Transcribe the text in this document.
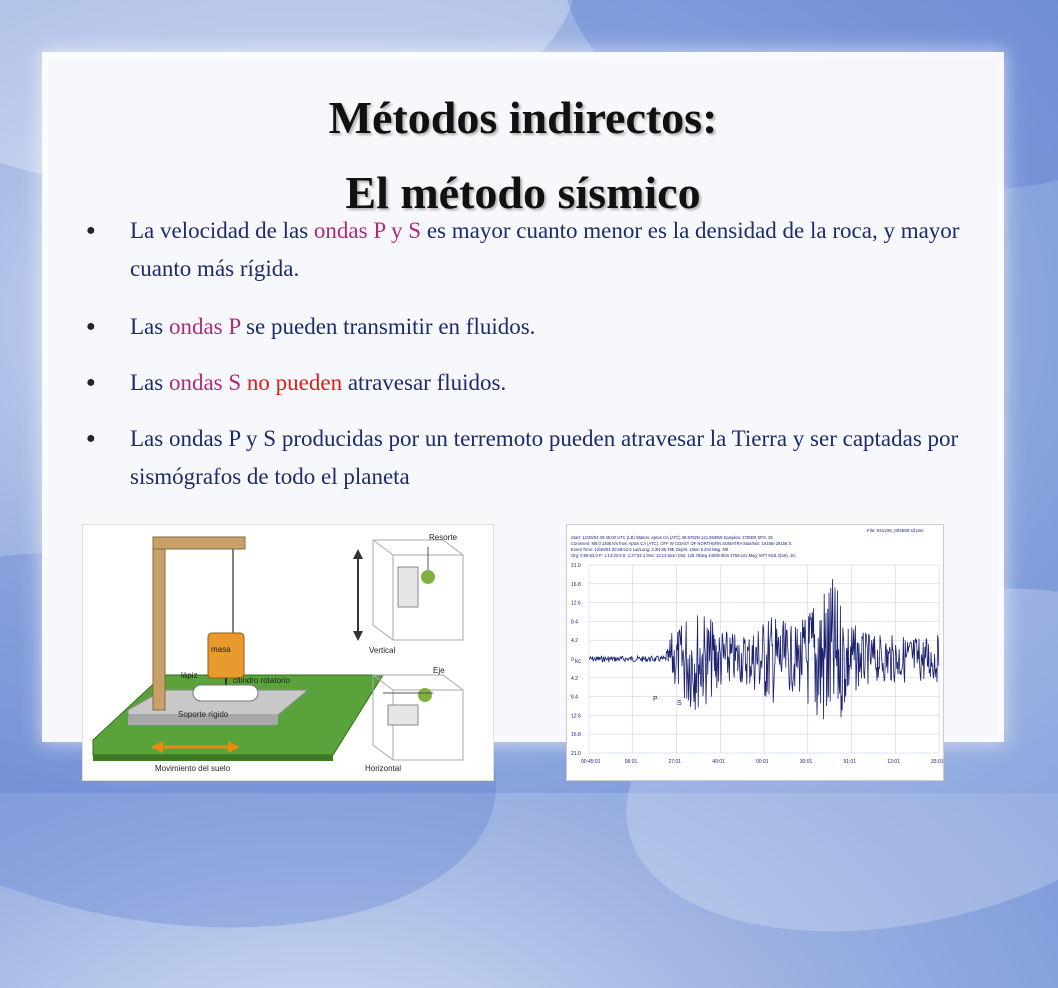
Métodos indirectos:
El método sísmico
● La velocidad de las ondas P y S es mayor cuanto menor es la densidad de la roca, y mayor cuanto más rígida.
● Las ondas P se pueden transmitir en fluidos.
● Las ondas S no pueden atravesar fluidos.
● Las ondas P y S producidas por un terremoto pueden atravesar la Tierra y ser captadas por sismógrafos de todo el planeta
masa
lápiz
cilindro rotatorio
Soporte rígido
Movimiento del suelo
Resorte
Vertical
Eje
Horizontal
File: 041226_004500.sif psn
Start: 12/26/04 00:45:00 UTC (LB) Station: Aptos CA (ATC) 36.9782N 121.8939W Samples: 270000 SPS: 25
Comment: M9.0 1405 km from Aptos CA (ATC). OFF W COAST OF NORTHERN SUMATRA Max/Min: 19186/-29156 X:
Event Time: 12/26/04 00:58:53.0 Lat/Long: 3.3N 95.78E Depth: 10km 6.2ml Mag: M9
Org: 0:58:53.0 P: 1:14:33.9 S: 1:27:52.4 Dist: 13:13.5min Dist: 126.76deg 14092.8km 4758.1mi Mag: M7? Mc8.3(A9), 16:
21.0
16.8
12.6
8.4
4.2
0
4.2
8.4
12.6
16.8
21.0
00:45:01	06:01	27:01	40:01	00:01	30:01	51:01	12:01	33:01
kc
P
S
